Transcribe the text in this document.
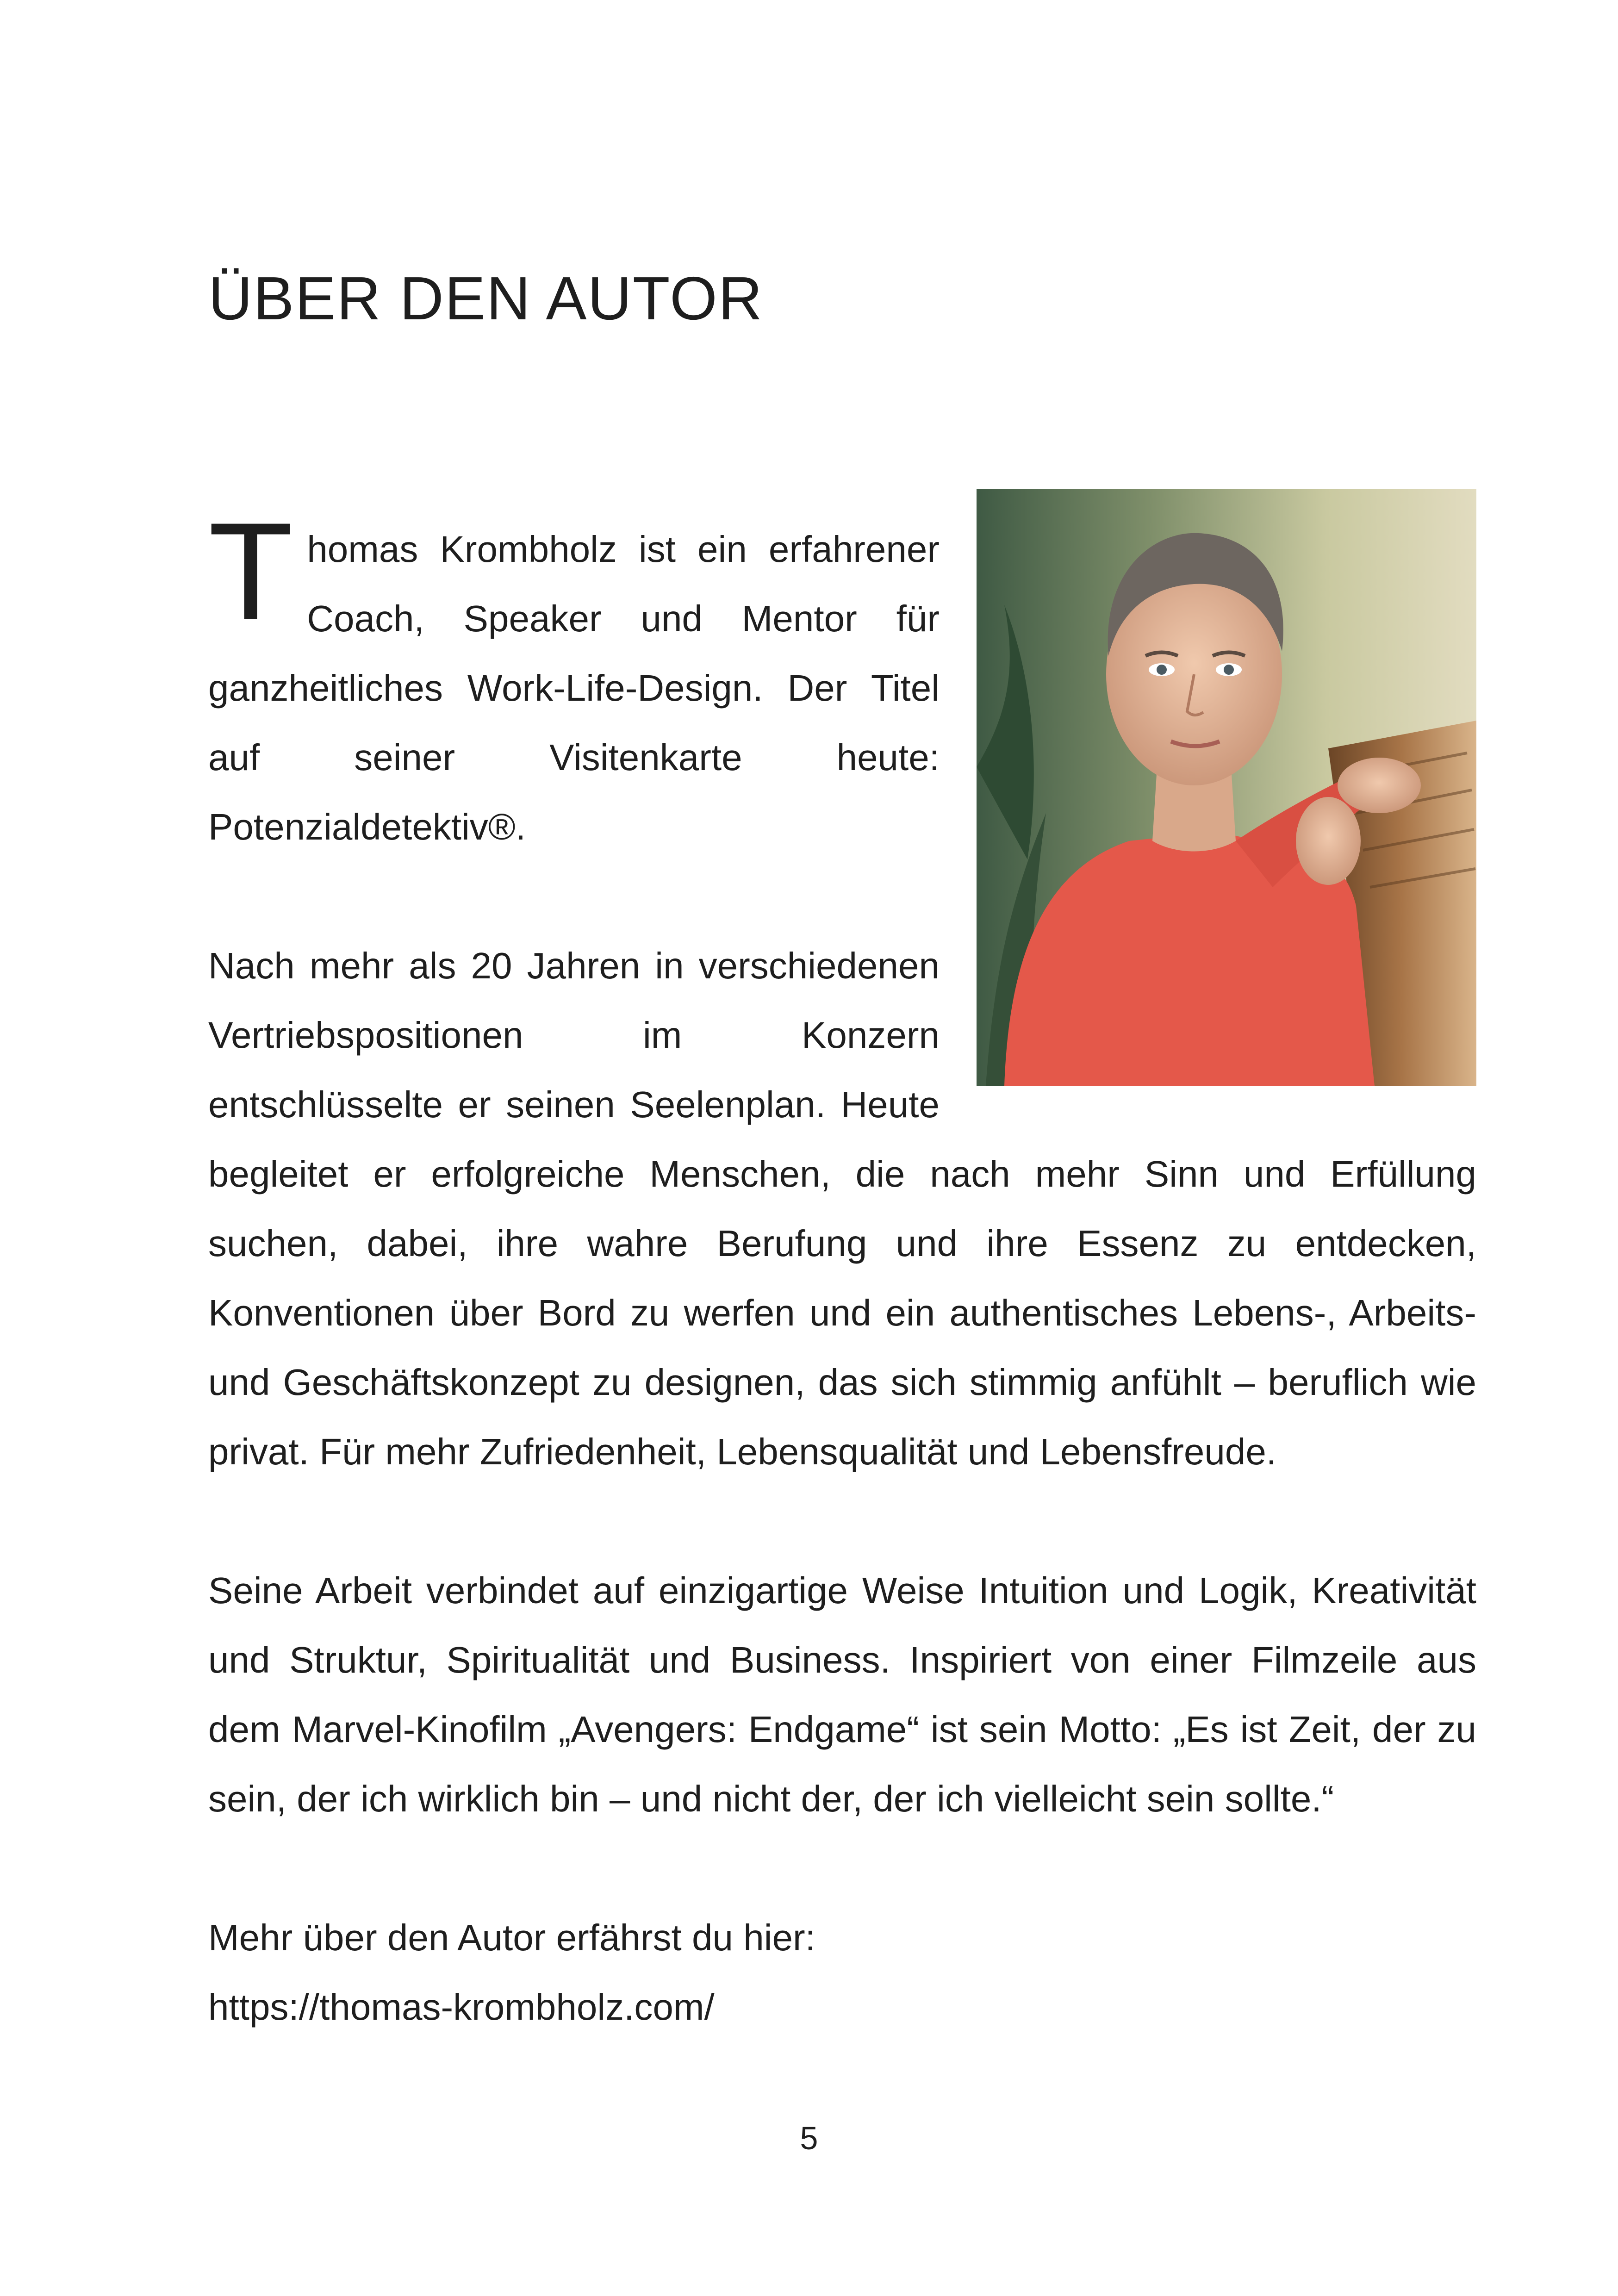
ÜBER DEN AUTOR

Thomas Krombholz ist ein erfahrener Coach, Speaker und Mentor für ganzheitliches Work-Life-Design. Der Titel auf seiner Visitenkarte heute: Potenzialdetektiv®.

Nach mehr als 20 Jahren in verschiedenen Vertriebspositionen im Konzern entschlüsselte er seinen Seelenplan. Heute begleitet er erfolgreiche Menschen, die nach mehr Sinn und Erfüllung suchen, dabei, ihre wahre Berufung und ihre Essenz zu entdecken, Konventionen über Bord zu werfen und ein authentisches Lebens-, Arbeits- und Geschäftskonzept zu designen, das sich stimmig anfühlt – beruflich wie privat. Für mehr Zufriedenheit, Lebensqualität und Lebensfreude.

Seine Arbeit verbindet auf einzigartige Weise Intuition und Logik, Kreativität und Struktur, Spiritualität und Business. Inspiriert von einer Filmzeile aus dem Marvel-Kinofilm „Avengers: Endgame“ ist sein Motto: „Es ist Zeit, der zu sein, der ich wirklich bin – und nicht der, der ich vielleicht sein sollte.“

Mehr über den Autor erfährst du hier:
https://thomas-krombholz.com/

5
